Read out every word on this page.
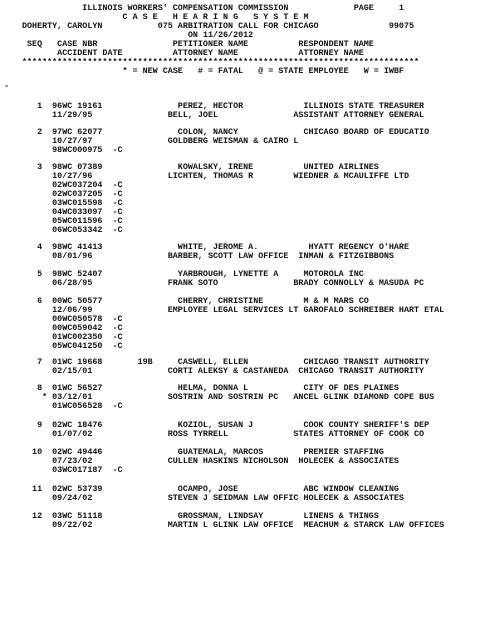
ILLINOIS WORKERS' COMPENSATION COMMISSION             PAGE     1
C A S E   H E A R I N G   S Y S T E M
DOHERTY, CAROLYN           075 ARBITRATION CALL FOR CHICAGO              99075
ON 11/26/2012
SEQ   CASE NBR               PETITIONER NAME          RESPONDENT NAME
ACCIDENT DATE          ATTORNEY NAME            ATTORNEY NAME
*******************************************************************************
* = NEW CASE   # = FATAL   @ = STATE EMPLOYEE   W = IWBF
-
1  96WC 19161               PEREZ, HECTOR            ILLINOIS STATE TREASURER
11/29/95               BELL, JOEL               ASSISTANT ATTORNEY GENERAL
2  97WC 62077               COLON, NANCY             CHICAGO BOARD OF EDUCATIO
10/27/97               GOLDBERG WEISMAN & CAIRO L
98WC000975  -C
3  98WC 07389               KOWALSKY, IRENE          UNITED AIRLINES
10/27/96               LICHTEN, THOMAS R        WIEDNER & MCAULIFFE LTD
02WC037204  -C
02WC037205  -C
03WC015598  -C
04WC033097  -C
05WC011596  -C
06WC053342  -C
4  98WC 41413               WHITE, JEROME A.          HYATT REGENCY O'HARE
08/01/96               BARBER, SCOTT LAW OFFICE  INMAN & FITZGIBBONS
5  98WC 52407               YARBROUGH, LYNETTE A     MOTOROLA INC
06/28/95               FRANK SOTO               BRADY CONNOLLY & MASUDA PC
6  00WC 50577               CHERRY, CHRISTINE        M & M MARS CO
12/06/99               EMPLOYEE LEGAL SERVICES LT GAROFALO SCHREIBER HART ETAL
00WC050578  -C
00WC059042  -C
01WC002350  -C
05WC041250  -C
7  01WC 19668       19B     CASWELL, ELLEN           CHICAGO TRANSIT AUTHORITY
02/15/01               CORTI ALEKSY & CASTANEDA  CHICAGO TRANSIT AUTHORITY
8  01WC 56527               HELMA, DONNA L           CITY OF DES PLAINES
* 03/12/01               SOSTRIN AND SOSTRIN PC   ANCEL GLINK DIAMOND COPE BUS
01WC056528  -C
9  02WC 18476               KOZIOL, SUSAN J          COOK COUNTY SHERIFF'S DEP
01/07/02               ROSS TYRRELL             STATES ATTORNEY OF COOK CO
10  02WC 49446               GUATEMALA, MARCOS        PREMIER STAFFING
07/23/02               CULLEN HASKINS NICHOLSON  HOLECEK & ASSOCIATES
03WC017187  -C
11  02WC 53739               OCAMPO, JOSE             ABC WINDOW CLEANING
09/24/02               STEVEN J SEIDMAN LAW OFFIC HOLECEK & ASSOCIATES
12  03WC 51118               GROSSMAN, LINDSAY        LINENS & THINGS
09/22/02               MARTIN L GLINK LAW OFFICE  MEACHUM & STARCK LAW OFFICES
